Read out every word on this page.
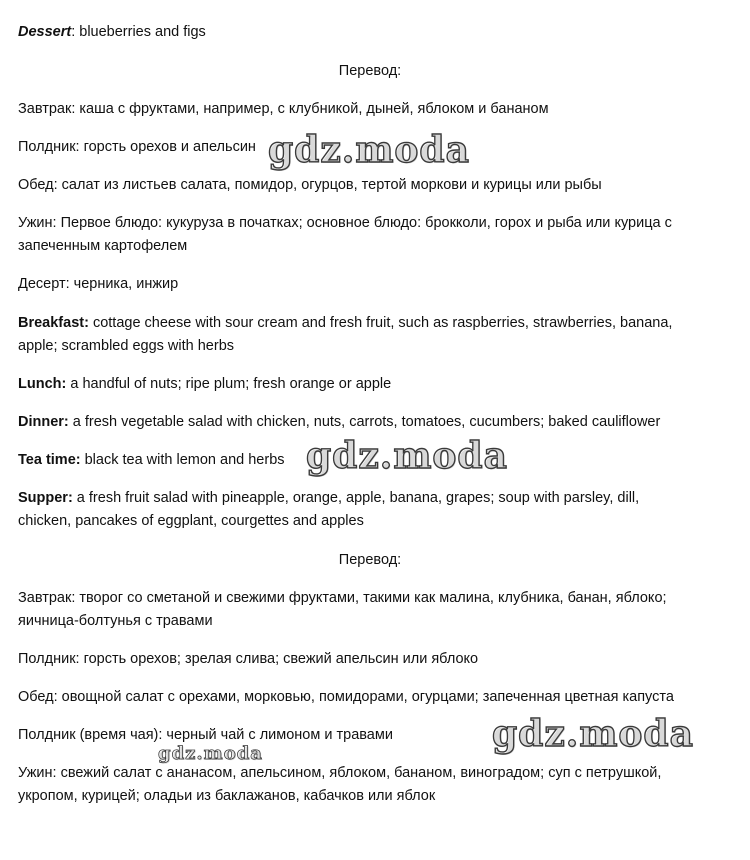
Dessert: blueberries and figs
Перевод:
Завтрак: каша с фруктами, например, с клубникой, дыней, яблоком и бананом
Полдник: горсть орехов и апельсин
Обед: салат из листьев салата, помидор, огурцов, тертой моркови и курицы или рыбы
Ужин: Первое блюдо: кукуруза в початках; основное блюдо: брокколи, горох и рыба или курица с
запеченным картофелем
Десерт: черника, инжир
Breakfast: cottage cheese with sour cream and fresh fruit, such as raspberries, strawberries, banana,
apple; scrambled eggs with herbs
Lunch: a handful of nuts; ripe plum; fresh orange or apple
Dinner: a fresh vegetable salad with chicken, nuts, carrots, tomatoes, cucumbers; baked cauliflower
Tea time: black tea with lemon and herbs
Supper: a fresh fruit salad with pineapple, orange, apple, banana, grapes; soup with parsley, dill,
chicken, pancakes of eggplant, courgettes and apples
Перевод:
Завтрак: творог со сметаной и свежими фруктами, такими как малина, клубника, банан, яблоко;
яичница-болтунья с травами
Полдник: горсть орехов; зрелая слива; свежий апельсин или яблоко
Обед: овощной салат с орехами, морковью, помидорами, огурцами; запеченная цветная капуста
Полдник (время чая): черный чай с лимоном и травами
Ужин: свежий салат с ананасом, апельсином, яблоком, бананом, виноградом; суп с петрушкой,
укропом, курицей; оладьи из баклажанов, кабачков или яблок
gdz.moda
gdz.moda
gdz.moda
gdz.moda
